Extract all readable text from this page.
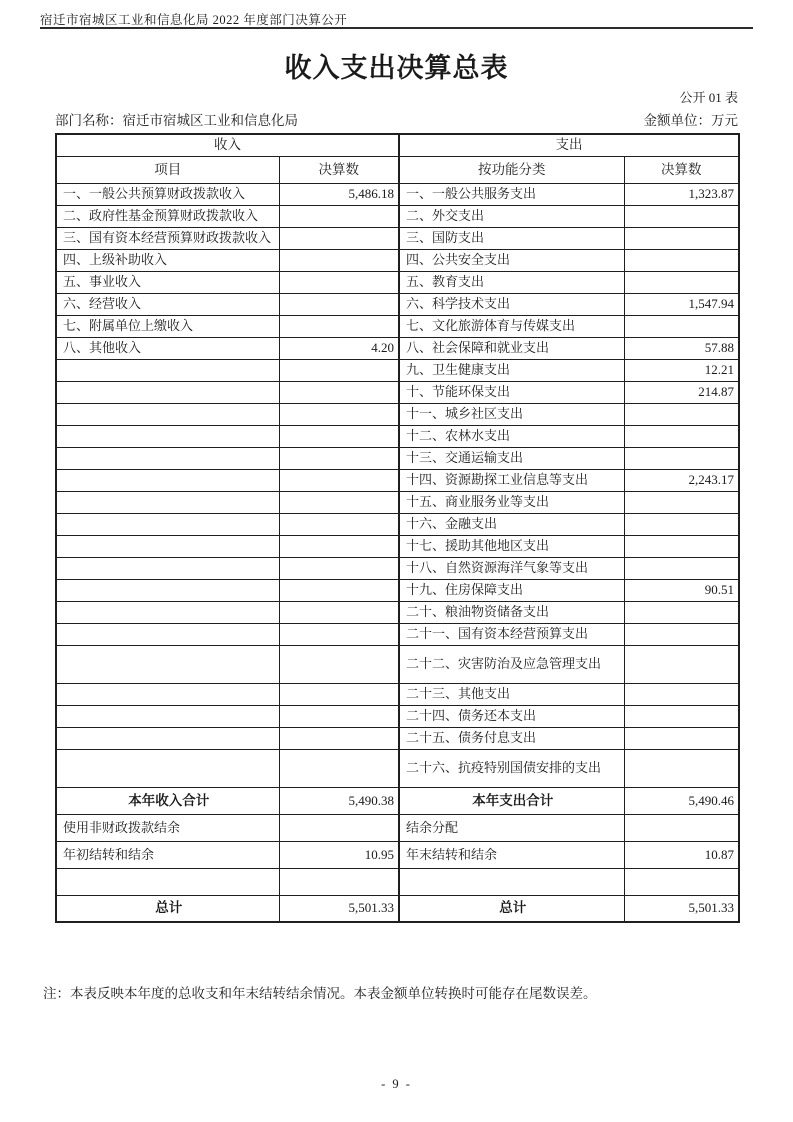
宿迁市宿城区工业和信息化局 2022 年度部门决算公开
收入支出决算总表
公开 01 表
部门名称：宿迁市宿城区工业和信息化局	金额单位：万元
收入		支出	
项目	决算数	按功能分类	决算数
一、一般公共预算财政拨款收入	5,486.18	一、一般公共服务支出	1,323.87
二、政府性基金预算财政拨款收入		二、外交支出	
三、国有资本经营预算财政拨款收入		三、国防支出	
四、上级补助收入		四、公共安全支出	
五、事业收入		五、教育支出	
六、经营收入		六、科学技术支出	1,547.94
七、附属单位上缴收入		七、文化旅游体育与传媒支出	
八、其他收入	4.20	八、社会保障和就业支出	57.88
		九、卫生健康支出	12.21
		十、节能环保支出	214.87
		十一、城乡社区支出	
		十二、农林水支出	
		十三、交通运输支出	
		十四、资源勘探工业信息等支出	2,243.17
		十五、商业服务业等支出	
		十六、金融支出	
		十七、援助其他地区支出	
		十八、自然资源海洋气象等支出	
		十九、住房保障支出	90.51
		二十、粮油物资储备支出	
		二十一、国有资本经营预算支出	
		二十二、灾害防治及应急管理支出	
		二十三、其他支出	
		二十四、债务还本支出	
		二十五、债务付息支出	
		二十六、抗疫特别国债安排的支出	
本年收入合计	5,490.38	本年支出合计	5,490.46
使用非财政拨款结余		结余分配	
年初结转和结余	10.95	年末结转和结余	10.87

总计	5,501.33	总计	5,501.33
注：本表反映本年度的总收支和年末结转结余情况。本表金额单位转换时可能存在尾数误差。
- 9 -
